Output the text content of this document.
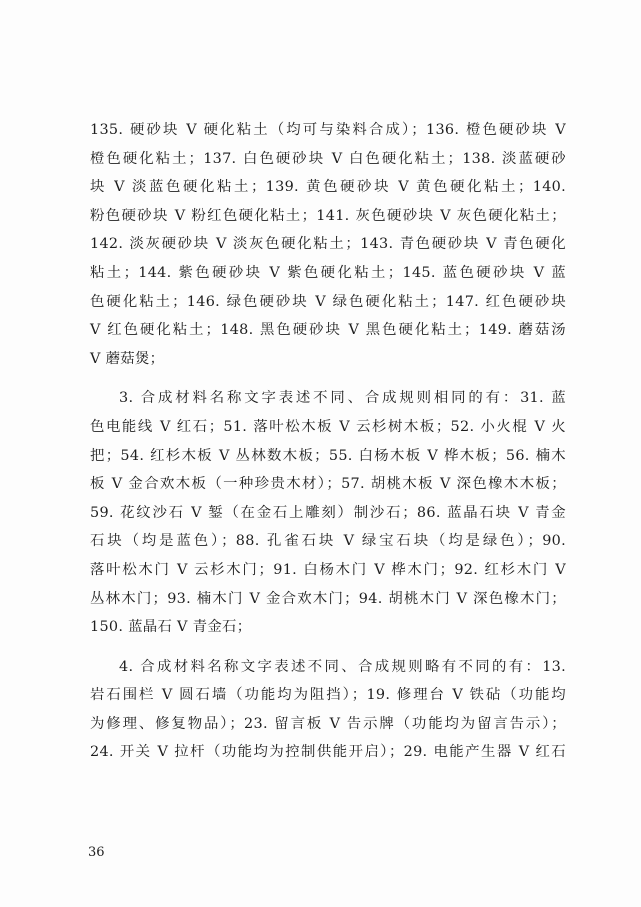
135. 硬砂块 V 硬化粘土（均可与染料合成）；136. 橙色硬砂块 V
橙色硬化粘土；137. 白色硬砂块 V 白色硬化粘土；138. 淡蓝硬砂
块 V 淡蓝色硬化粘土；139. 黄色硬砂块 V 黄色硬化粘土；140.
粉色硬砂块 V 粉红色硬化粘土；141. 灰色硬砂块 V 灰色硬化粘土；
142. 淡灰硬砂块 V 淡灰色硬化粘土；143. 青色硬砂块 V 青色硬化
粘土；144. 紫色硬砂块 V 紫色硬化粘土；145. 蓝色硬砂块 V 蓝
色硬化粘土；146. 绿色硬砂块 V 绿色硬化粘土；147. 红色硬砂块
V 红色硬化粘土；148. 黑色硬砂块 V 黑色硬化粘土；149. 蘑菇汤
V 蘑菇煲；
3. 合成材料名称文字表述不同、合成规则相同的有：31. 蓝
色电能线 V 红石；51. 落叶松木板 V 云杉树木板；52. 小火棍 V 火
把；54. 红杉木板 V 丛林数木板；55. 白杨木板 V 桦木板；56. 楠木
板 V 金合欢木板（一种珍贵木材）；57. 胡桃木板 V 深色橡木木板；
59. 花纹沙石 V 錾（在金石上雕刻）制沙石；86. 蓝晶石块 V 青金
石块（均是蓝色）；88. 孔雀石块 V 绿宝石块（均是绿色）；90.
落叶松木门 V 云杉木门；91. 白杨木门 V 桦木门；92. 红杉木门 V
丛林木门；93. 楠木门 V 金合欢木门；94. 胡桃木门 V 深色橡木门；
150. 蓝晶石 V 青金石；
4. 合成材料名称文字表述不同、合成规则略有不同的有：13.
岩石围栏 V 圆石墙（功能均为阻挡）；19. 修理台 V 铁砧（功能均
为修理、修复物品）；23. 留言板 V 告示牌（功能均为留言告示）；
24. 开关 V 拉杆（功能均为控制供能开启）；29. 电能产生器 V 红石
36
